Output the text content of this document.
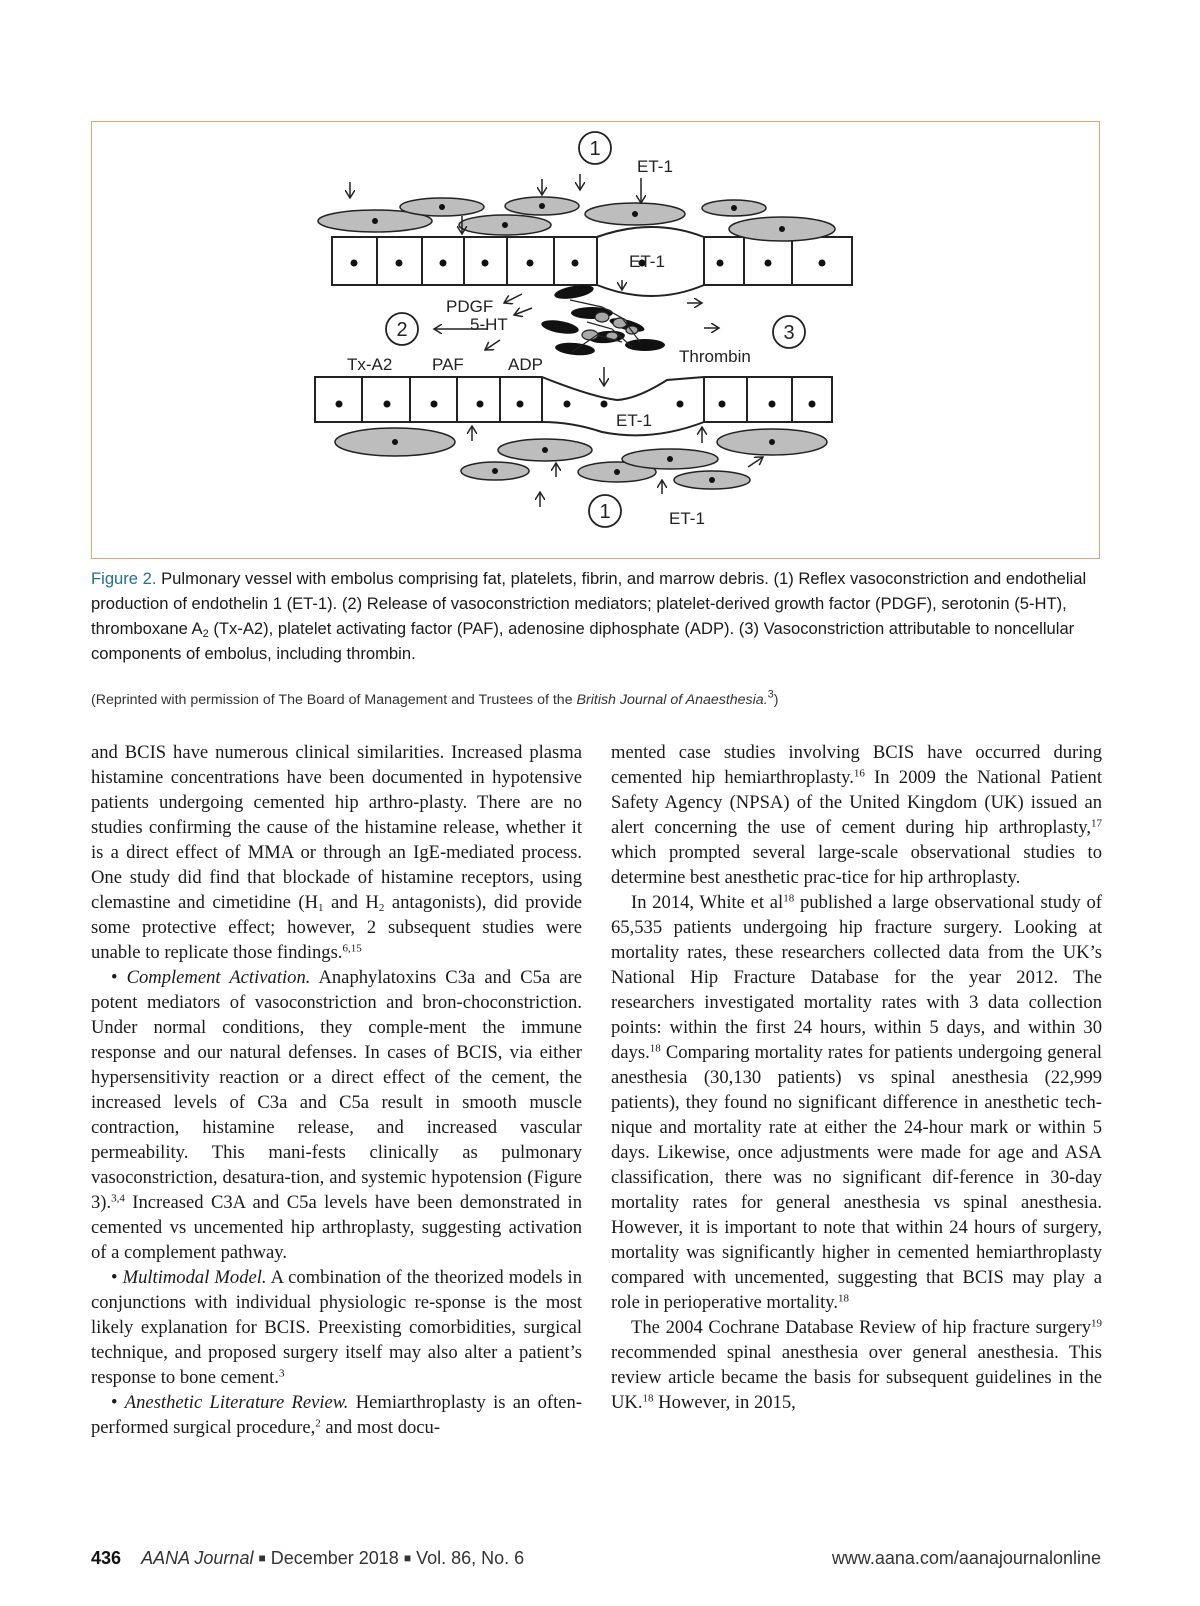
1
2	3
1
ET-1
ET-1
ET-1
ET-1
PDGF
5-HT
Tx-A2 PAF	ADP	Thrombin
Figure 2. Pulmonary vessel with embolus comprising fat, platelets, fibrin, and marrow debris. (1) Reflex vasoconstriction and endothelial production of endothelin 1 (ET-1). (2) Release of vasoconstriction mediators; platelet-derived growth factor (PDGF), serotonin (5-HT), thromboxane $A_2$ (Tx-A2), platelet activating factor (PAF), adenosine diphosphate (ADP). (3) Vasoconstriction attributable to noncellular components of embolus, including thrombin.
(Reprinted with permission of The Board of Management and Trustees of the British Journal of Anaesthesia.$^3$)

and BCIS have numerous clinical similarities. Increased plasma histamine concentrations have been documented in hypotensive patients undergoing cemented hip arthro-plasty. There are no studies confirming the cause of the histamine release, whether it is a direct effect of MMA or through an IgE-mediated process. One study did find that blockade of histamine receptors, using clemastine and cimetidine ($H_1$ and $H_2$ antagonists), did provide some protective effect; however, 2 subsequent studies were unable to replicate those findings.$^{6,15}$

• Complement Activation. Anaphylatoxins C3a and C5a are potent mediators of vasoconstriction and bron-choconstriction. Under normal conditions, they comple-ment the immune response and our natural defenses. In cases of BCIS, via either hypersensitivity reaction or a direct effect of the cement, the increased levels of C3a and C5a result in smooth muscle contraction, histamine release, and increased vascular permeability. This mani-fests clinically as pulmonary vasoconstriction, desatura-tion, and systemic hypotension (Figure 3).$^{3,4}$ Increased C3A and C5a levels have been demonstrated in cemented vs uncemented hip arthroplasty, suggesting activation of a complement pathway.

• Multimodal Model. A combination of the theorized models in conjunctions with individual physiologic re-sponse is the most likely explanation for BCIS. Preexisting comorbidities, surgical technique, and proposed surgery itself may also alter a patient’s response to bone cement.$^3$

• Anesthetic Literature Review. Hemiarthroplasty is an often-performed surgical procedure,$^2$ and most docu-

mented case studies involving BCIS have occurred during cemented hip hemiarthroplasty.$^{16}$ In 2009 the National Patient Safety Agency (NPSA) of the United Kingdom (UK) issued an alert concerning the use of cement during hip arthroplasty,$^{17}$ which prompted several large-scale observational studies to determine best anesthetic prac-tice for hip arthroplasty.

In 2014, White et $al^{18}$ published a large observational study of 65,535 patients undergoing hip fracture surgery. Looking at mortality rates, these researchers collected data from the UK’s National Hip Fracture Database for the year 2012. The researchers investigated mortality rates with 3 data collection points: within the first 24 hours, within 5 days, and within 30 days.$^{18}$ Comparing mortality rates for patients undergoing general anesthesia (30,130 patients) vs spinal anesthesia (22,999 patients), they found no significant difference in anesthetic tech-nique and mortality rate at either the 24-hour mark or within 5 days. Likewise, once adjustments were made for age and ASA classification, there was no significant dif-ference in 30-day mortality rates for general anesthesia vs spinal anesthesia. However, it is important to note that within 24 hours of surgery, mortality was significantly higher in cemented hemiarthroplasty compared with uncemented, suggesting that BCIS may play a role in perioperative mortality.$^{18}$

The 2004 Cochrane Database Review of hip fracture surgery$^{19}$ recommended spinal anesthesia over general anesthesia. This review article became the basis for subsequent guidelines in the UK.$^{18}$ However, in 2015,

436 AANA Journal ■ December 2018 ■ Vol. 86, No. 6	www.aana.com/aanajournalonline
